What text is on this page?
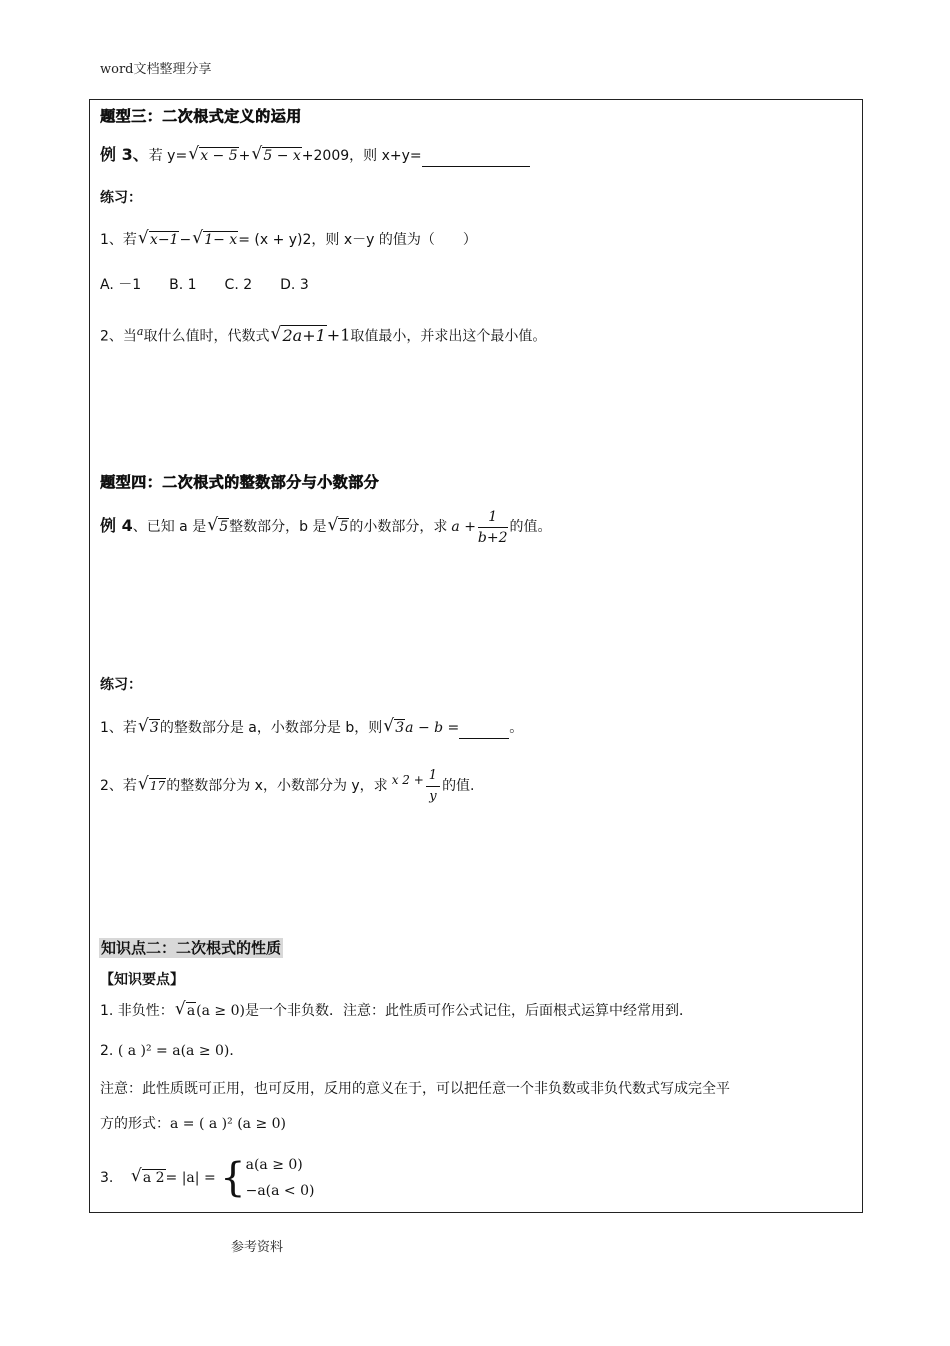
word文档整理分享
题型三：二次根式定义的运用
例 3、若 y= √ x − 5+ √ 5 − x+2009，则 x+y=
练习：
1、若 √ x−1− √ 1− x= (x + y)2，则 x－y 的值为（　　）
A. －1　　B. 1　　C. 2　　D. 3
2、当$^a$取什么值时，代数式 √ 2a+1+1取值最小，并求出这个最小值。
题型四：二次根式的整数部分与小数部分
例 4、已知 a 是 √ 5整数部分，b 是 √ 5的小数部分，求 $a + \frac{1}{b+2}$ 的值。
练习：
1、若 √ 3的整数部分是 a，小数部分是 b，则 √ 3a − b =	。
2、若 √ 17的整数部分为 x，小数部分为 y，求 x $2 + \frac{1}{y}$ 的值.
知识点二：二次根式的性质
【知识要点】
1. 非负性： √ a(a ≥ 0)是一个非负数．注意：此性质可作公式记住，后面根式运算中经常用到．
2. ( a )² = a(a ≥ 0)．
注意：此性质既可正用，也可反用，反用的意义在于，可以把任意一个非负数或非负代数式写成完全平
方的形式：a = ( a )² (a ≥ 0)
3. √ a 2= |a| = { a(a ≥ 0)
−a(a < 0)
参考资料
